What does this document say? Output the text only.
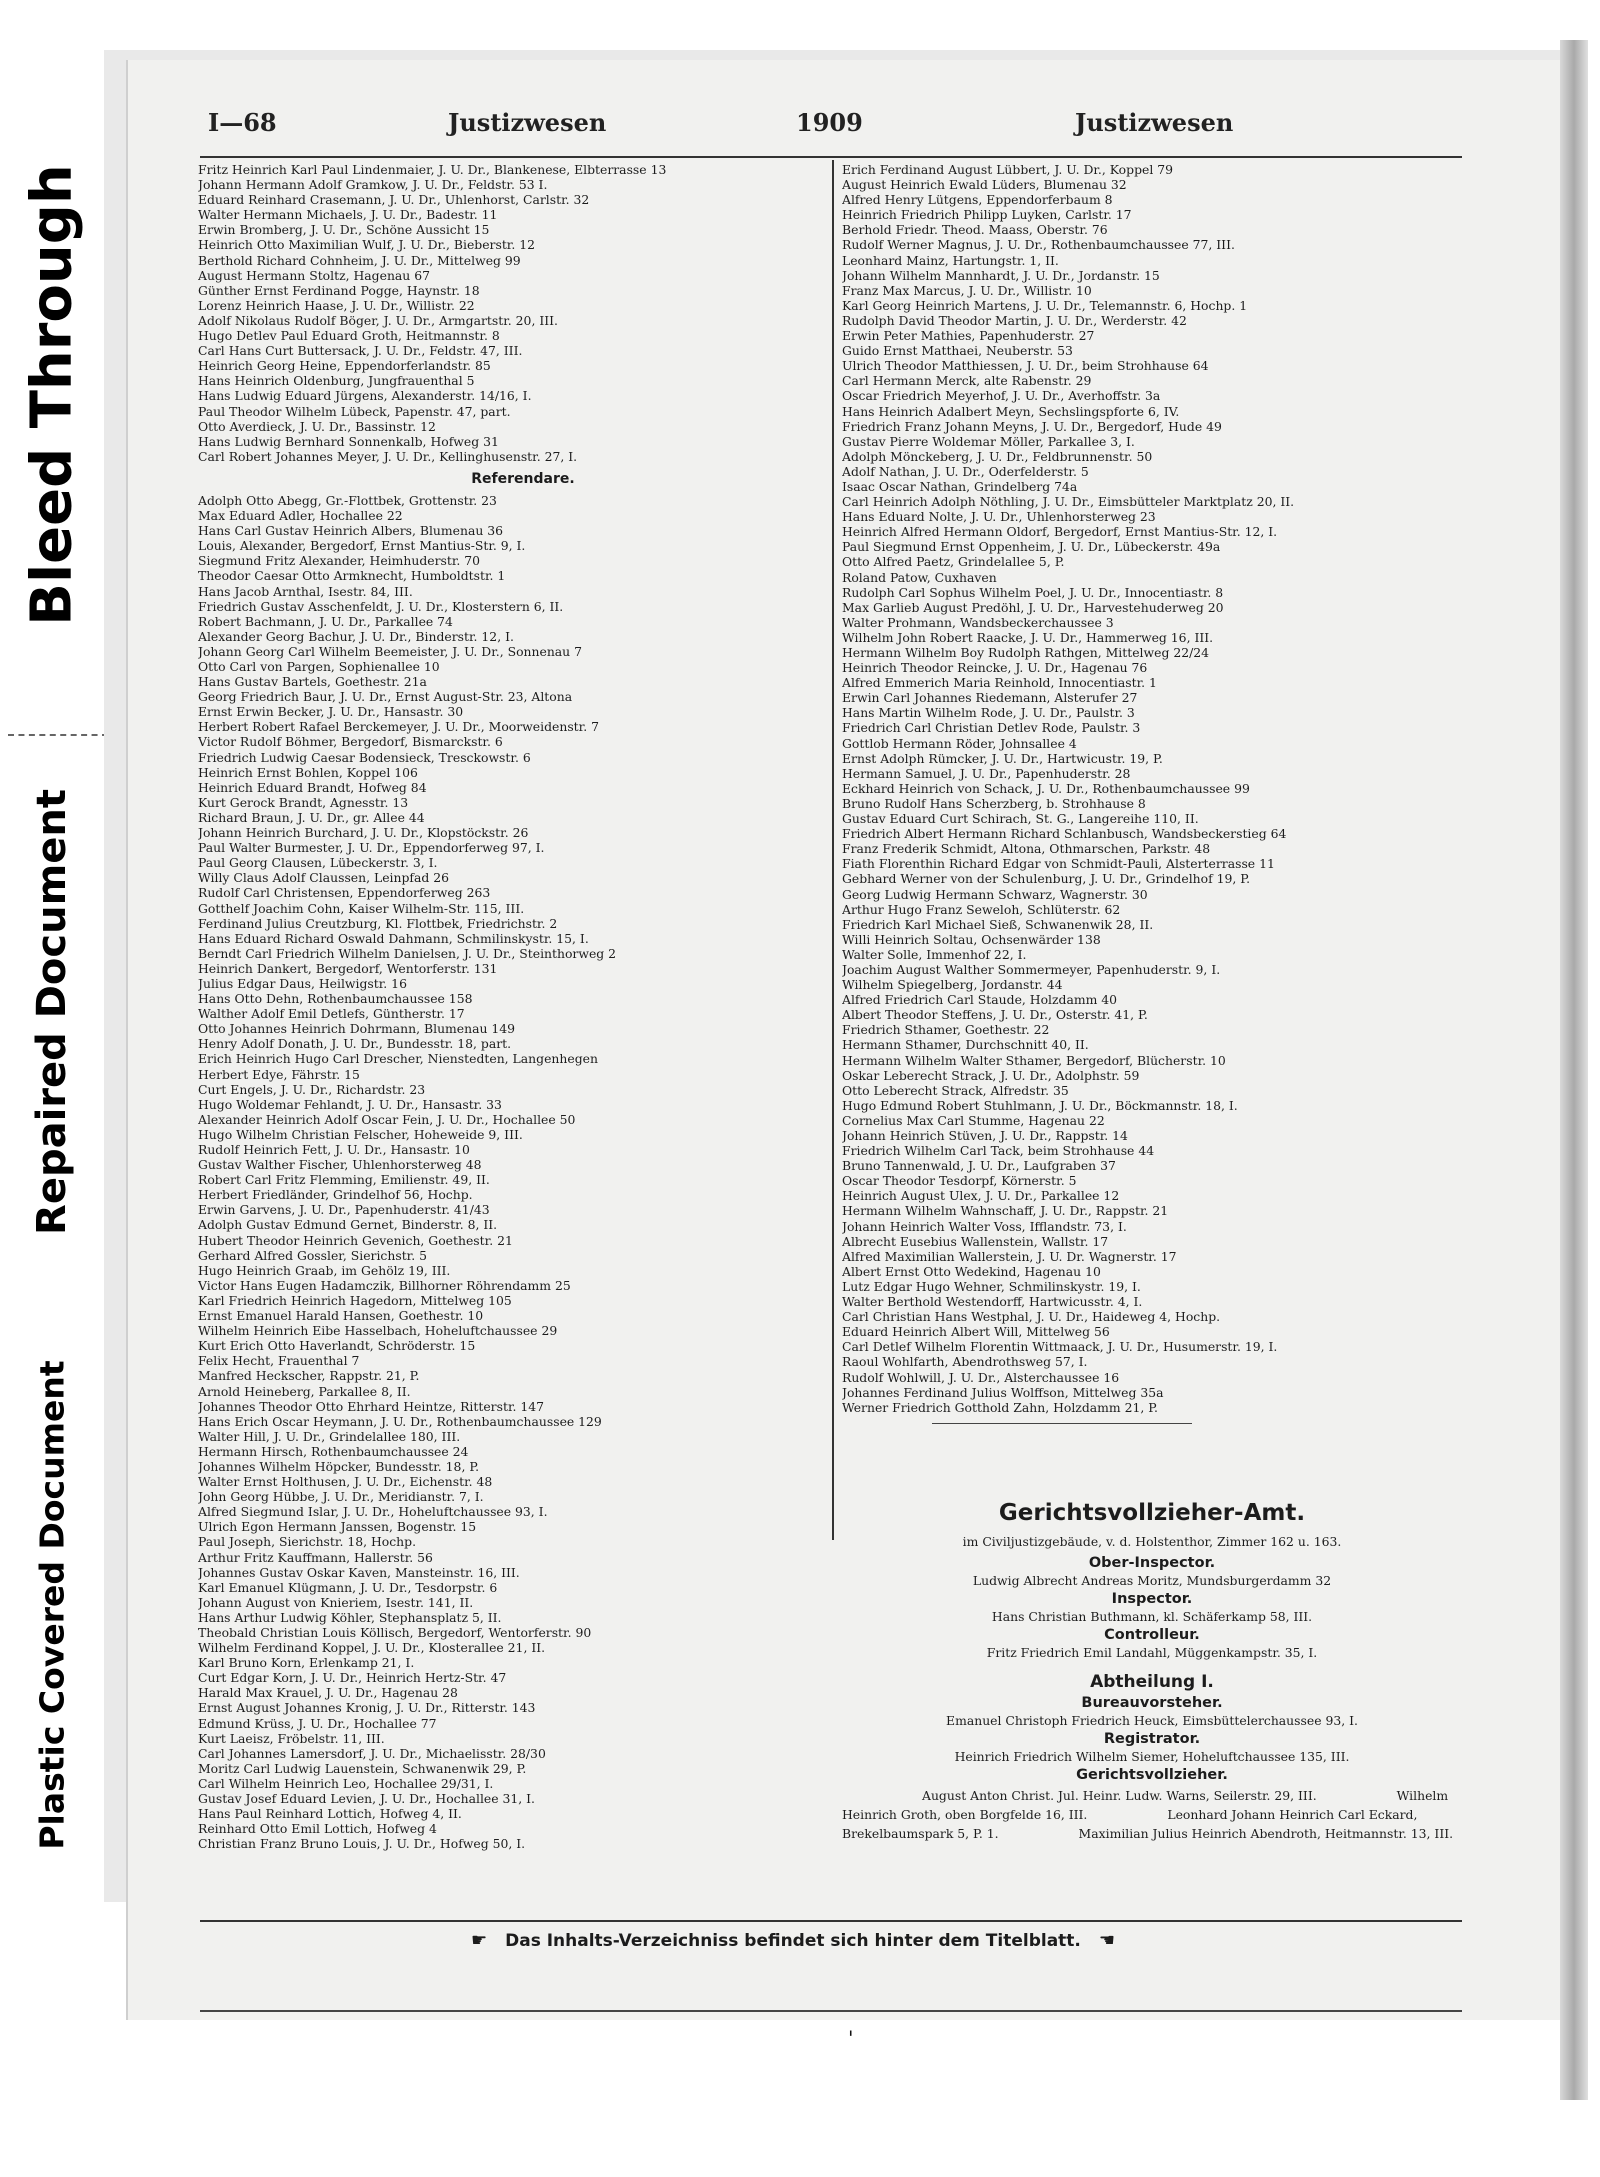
Bleed Through
Repaired Document
Plastic Covered Document
I—68	Justizwesen	1909	Justizwesen
Fritz Heinrich Karl Paul Lindenmaier, J. U. Dr., Blankenese, Elbterrasse 13
Johann Hermann Adolf Gramkow, J. U. Dr., Feldstr. 53 I.
Eduard Reinhard Crasemann, J. U. Dr., Uhlenhorst, Carlstr. 32
Walter Hermann Michaels, J. U. Dr., Badestr. 11
Erwin Bromberg, J. U. Dr., Schöne Aussicht 15
Heinrich Otto Maximilian Wulf, J. U. Dr., Bieberstr. 12
Berthold Richard Cohnheim, J. U. Dr., Mittelweg 99
August Hermann Stoltz, Hagenau 67
Günther Ernst Ferdinand Pogge, Haynstr. 18
Lorenz Heinrich Haase, J. U. Dr., Willistr. 22
Adolf Nikolaus Rudolf Böger, J. U. Dr., Armgartstr. 20, III.
Hugo Detlev Paul Eduard Groth, Heitmannstr. 8
Carl Hans Curt Buttersack, J. U. Dr., Feldstr. 47, III.
Heinrich Georg Heine, Eppendorferlandstr. 85
Hans Heinrich Oldenburg, Jungfrauenthal 5
Hans Ludwig Eduard Jürgens, Alexanderstr. 14/16, I.
Paul Theodor Wilhelm Lübeck, Papenstr. 47, part.
Otto Averdieck, J. U. Dr., Bassinstr. 12
Hans Ludwig Bernhard Sonnenkalb, Hofweg 31
Carl Robert Johannes Meyer, J. U. Dr., Kellinghusenstr. 27, I.
Referendare.
Adolph Otto Abegg, Gr.-Flottbek, Grottenstr. 23
Max Eduard Adler, Hochallee 22
Hans Carl Gustav Heinrich Albers, Blumenau 36
Louis, Alexander, Bergedorf, Ernst Mantius-Str. 9, I.
Siegmund Fritz Alexander, Heimhuderstr. 70
Theodor Caesar Otto Armknecht, Humboldtstr. 1
Hans Jacob Arnthal, Isestr. 84, III.
Friedrich Gustav Asschenfeldt, J. U. Dr., Klosterstern 6, II.
Robert Bachmann, J. U. Dr., Parkallee 74
Alexander Georg Bachur, J. U. Dr., Binderstr. 12, I.
Johann Georg Carl Wilhelm Beemeister, J. U. Dr., Sonnenau 7
Otto Carl von Pargen, Sophienallee 10
Hans Gustav Bartels, Goethestr. 21a
Georg Friedrich Baur, J. U. Dr., Ernst August-Str. 23, Altona
Ernst Erwin Becker, J. U. Dr., Hansastr. 30
Herbert Robert Rafael Berckemeyer, J. U. Dr., Moorweidenstr. 7
Victor Rudolf Böhmer, Bergedorf, Bismarckstr. 6
Friedrich Ludwig Caesar Bodensieck, Tresckowstr. 6
Heinrich Ernst Bohlen, Koppel 106
Heinrich Eduard Brandt, Hofweg 84
Kurt Gerock Brandt, Agnesstr. 13
Richard Braun, J. U. Dr., gr. Allee 44
Johann Heinrich Burchard, J. U. Dr., Klopstöckstr. 26
Paul Walter Burmester, J. U. Dr., Eppendorferweg 97, I.
Paul Georg Clausen, Lübeckerstr. 3, I.
Willy Claus Adolf Claussen, Leinpfad 26
Rudolf Carl Christensen, Eppendorferweg 263
Gotthelf Joachim Cohn, Kaiser Wilhelm-Str. 115, III.
Ferdinand Julius Creutzburg, Kl. Flottbek, Friedrichstr. 2
Hans Eduard Richard Oswald Dahmann, Schmilinskystr. 15, I.
Berndt Carl Friedrich Wilhelm Danielsen, J. U. Dr., Steinthorweg 2
Heinrich Dankert, Bergedorf, Wentorferstr. 131
Julius Edgar Daus, Heilwigstr. 16
Hans Otto Dehn, Rothenbaumchaussee 158
Walther Adolf Emil Detlefs, Güntherstr. 17
Otto Johannes Heinrich Dohrmann, Blumenau 149
Henry Adolf Donath, J. U. Dr., Bundesstr. 18, part.
Erich Heinrich Hugo Carl Drescher, Nienstedten, Langenhegen
Herbert Edye, Fährstr. 15
Curt Engels, J. U. Dr., Richardstr. 23
Hugo Woldemar Fehlandt, J. U. Dr., Hansastr. 33
Alexander Heinrich Adolf Oscar Fein, J. U. Dr., Hochallee 50
Hugo Wilhelm Christian Felscher, Hoheweide 9, III.
Rudolf Heinrich Fett, J. U. Dr., Hansastr. 10
Gustav Walther Fischer, Uhlenhorsterweg 48
Robert Carl Fritz Flemming, Emilienstr. 49, II.
Herbert Friedländer, Grindelhof 56, Hochp.
Erwin Garvens, J. U. Dr., Papenhuderstr. 41/43
Adolph Gustav Edmund Gernet, Binderstr. 8, II.
Hubert Theodor Heinrich Gevenich, Goethestr. 21
Gerhard Alfred Gossler, Sierichstr. 5
Hugo Heinrich Graab, im Gehölz 19, III.
Victor Hans Eugen Hadamczik, Billhorner Röhrendamm 25
Karl Friedrich Heinrich Hagedorn, Mittelweg 105
Ernst Emanuel Harald Hansen, Goethestr. 10
Wilhelm Heinrich Eibe Hasselbach, Hoheluftchaussee 29
Kurt Erich Otto Haverlandt, Schröderstr. 15
Felix Hecht, Frauenthal 7
Manfred Heckscher, Rappstr. 21, P.
Arnold Heineberg, Parkallee 8, II.
Johannes Theodor Otto Ehrhard Heintze, Ritterstr. 147
Hans Erich Oscar Heymann, J. U. Dr., Rothenbaumchaussee 129
Walter Hill, J. U. Dr., Grindelallee 180, III.
Hermann Hirsch, Rothenbaumchaussee 24
Johannes Wilhelm Höpcker, Bundesstr. 18, P.
Walter Ernst Holthusen, J. U. Dr., Eichenstr. 48
John Georg Hübbe, J. U. Dr., Meridianstr. 7, I.
Alfred Siegmund Islar, J. U. Dr., Hoheluftchaussee 93, I.
Ulrich Egon Hermann Janssen, Bogenstr. 15
Paul Joseph, Sierichstr. 18, Hochp.
Arthur Fritz Kauffmann, Hallerstr. 56
Johannes Gustav Oskar Kaven, Mansteinstr. 16, III.
Karl Emanuel Klügmann, J. U. Dr., Tesdorpstr. 6
Johann August von Knieriem, Isestr. 141, II.
Hans Arthur Ludwig Köhler, Stephansplatz 5, II.
Theobald Christian Louis Köllisch, Bergedorf, Wentorferstr. 90
Wilhelm Ferdinand Koppel, J. U. Dr., Klosterallee 21, II.
Karl Bruno Korn, Erlenkamp 21, I.
Curt Edgar Korn, J. U. Dr., Heinrich Hertz-Str. 47
Harald Max Krauel, J. U. Dr., Hagenau 28
Ernst August Johannes Kronig, J. U. Dr., Ritterstr. 143
Edmund Krüss, J. U. Dr., Hochallee 77
Kurt Laeisz, Fröbelstr. 11, III.
Carl Johannes Lamersdorf, J. U. Dr., Michaelisstr. 28/30
Moritz Carl Ludwig Lauenstein, Schwanenwik 29, P.
Carl Wilhelm Heinrich Leo, Hochallee 29/31, I.
Gustav Josef Eduard Levien, J. U. Dr., Hochallee 31, I.
Hans Paul Reinhard Lottich, Hofweg 4, II.
Reinhard Otto Emil Lottich, Hofweg 4
Christian Franz Bruno Louis, J. U. Dr., Hofweg 50, I.
Erich Ferdinand August Lübbert, J. U. Dr., Koppel 79
August Heinrich Ewald Lüders, Blumenau 32
Alfred Henry Lütgens, Eppendorferbaum 8
Heinrich Friedrich Philipp Luyken, Carlstr. 17
Berhold Friedr. Theod. Maass, Oberstr. 76
Rudolf Werner Magnus, J. U. Dr., Rothenbaumchaussee 77, III.
Leonhard Mainz, Hartungstr. 1, II.
Johann Wilhelm Mannhardt, J. U. Dr., Jordanstr. 15
Franz Max Marcus, J. U. Dr., Willistr. 10
Karl Georg Heinrich Martens, J. U. Dr., Telemannstr. 6, Hochp. 1
Rudolph David Theodor Martin, J. U. Dr., Werderstr. 42
Erwin Peter Mathies, Papenhuderstr. 27
Guido Ernst Matthaei, Neuberstr. 53
Ulrich Theodor Matthiessen, J. U. Dr., beim Strohhause 64
Carl Hermann Merck, alte Rabenstr. 29
Oscar Friedrich Meyerhof, J. U. Dr., Averhoffstr. 3a
Hans Heinrich Adalbert Meyn, Sechslingspforte 6, IV.
Friedrich Franz Johann Meyns, J. U. Dr., Bergedorf, Hude 49
Gustav Pierre Woldemar Möller, Parkallee 3, I.
Adolph Mönckeberg, J. U. Dr., Feldbrunnenstr. 50
Adolf Nathan, J. U. Dr., Oderfelderstr. 5
Isaac Oscar Nathan, Grindelberg 74a
Carl Heinrich Adolph Nöthling, J. U. Dr., Eimsbütteler Marktplatz 20, II.
Hans Eduard Nolte, J. U. Dr., Uhlenhorsterweg 23
Heinrich Alfred Hermann Oldorf, Bergedorf, Ernst Mantius-Str. 12, I.
Paul Siegmund Ernst Oppenheim, J. U. Dr., Lübeckerstr. 49a
Otto Alfred Paetz, Grindelallee 5, P.
Roland Patow, Cuxhaven
Rudolph Carl Sophus Wilhelm Poel, J. U. Dr., Innocentiastr. 8
Max Garlieb August Predöhl, J. U. Dr., Harvestehuderweg 20
Walter Prohmann, Wandsbeckerchaussee 3
Wilhelm John Robert Raacke, J. U. Dr., Hammerweg 16, III.
Hermann Wilhelm Boy Rudolph Rathgen, Mittelweg 22/24
Heinrich Theodor Reincke, J. U. Dr., Hagenau 76
Alfred Emmerich Maria Reinhold, Innocentiastr. 1
Erwin Carl Johannes Riedemann, Alsterufer 27
Hans Martin Wilhelm Rode, J. U. Dr., Paulstr. 3
Friedrich Carl Christian Detlev Rode, Paulstr. 3
Gottlob Hermann Röder, Johnsallee 4
Ernst Adolph Rümcker, J. U. Dr., Hartwicustr. 19, P.
Hermann Samuel, J. U. Dr., Papenhuderstr. 28
Eckhard Heinrich von Schack, J. U. Dr., Rothenbaumchaussee 99
Bruno Rudolf Hans Scherzberg, b. Strohhause 8
Gustav Eduard Curt Schirach, St. G., Langereihe 110, II.
Friedrich Albert Hermann Richard Schlanbusch, Wandsbeckerstieg 64
Franz Frederik Schmidt, Altona, Othmarschen, Parkstr. 48
Fiath Florenthin Richard Edgar von Schmidt-Pauli, Alsterterrasse 11
Gebhard Werner von der Schulenburg, J. U. Dr., Grindelhof 19, P.
Georg Ludwig Hermann Schwarz, Wagnerstr. 30
Arthur Hugo Franz Seweloh, Schlüterstr. 62
Friedrich Karl Michael Sieß, Schwanenwik 28, II.
Willi Heinrich Soltau, Ochsenwärder 138
Walter Solle, Immenhof 22, I.
Joachim August Walther Sommermeyer, Papenhuderstr. 9, I.
Wilhelm Spiegelberg, Jordanstr. 44
Alfred Friedrich Carl Staude, Holzdamm 40
Albert Theodor Steffens, J. U. Dr., Osterstr. 41, P.
Friedrich Sthamer, Goethestr. 22
Hermann Sthamer, Durchschnitt 40, II.
Hermann Wilhelm Walter Sthamer, Bergedorf, Blücherstr. 10
Oskar Leberecht Strack, J. U. Dr., Adolphstr. 59
Otto Leberecht Strack, Alfredstr. 35
Hugo Edmund Robert Stuhlmann, J. U. Dr., Böckmannstr. 18, I.
Cornelius Max Carl Stumme, Hagenau 22
Johann Heinrich Stüven, J. U. Dr., Rappstr. 14
Friedrich Wilhelm Carl Tack, beim Strohhause 44
Bruno Tannenwald, J. U. Dr., Laufgraben 37
Oscar Theodor Tesdorpf, Körnerstr. 5
Heinrich August Ulex, J. U. Dr., Parkallee 12
Hermann Wilhelm Wahnschaff, J. U. Dr., Rappstr. 21
Johann Heinrich Walter Voss, Ifflandstr. 73, I.
Albrecht Eusebius Wallenstein, Wallstr. 17
Alfred Maximilian Wallerstein, J. U. Dr. Wagnerstr. 17
Albert Ernst Otto Wedekind, Hagenau 10
Lutz Edgar Hugo Wehner, Schmilinskystr. 19, I.
Walter Berthold Westendorff, Hartwicusstr. 4, I.
Carl Christian Hans Westphal, J. U. Dr., Haideweg 4, Hochp.
Eduard Heinrich Albert Will, Mittelweg 56
Carl Detlef Wilhelm Florentin Wittmaack, J. U. Dr., Husumerstr. 19, I.
Raoul Wohlfarth, Abendrothsweg 57, I.
Rudolf Wohlwill, J. U. Dr., Alsterchaussee 16
Johannes Ferdinand Julius Wolffson, Mittelweg 35a
Werner Friedrich Gotthold Zahn, Holzdamm 21, P.
Gerichtsvollzieher-Amt.
im Civiljustizgebäude, v. d. Holstenthor, Zimmer 162 u. 163.
Ober-Inspector.
Ludwig Albrecht Andreas Moritz, Mundsburgerdamm 32
Inspector.
Hans Christian Buthmann, kl. Schäferkamp 58, III.
Controlleur.
Fritz Friedrich Emil Landahl, Müggenkampstr. 35, I.
Abtheilung I.
Bureauvorsteher.
Emanuel Christoph Friedrich Heuck, Eimsbüttelerchaussee 93, I.
Registrator.
Heinrich Friedrich Wilhelm Siemer, Hoheluftchaussee 135, III.
Gerichtsvollzieher.
August Anton Christ. Jul. Heinr. Ludw. Warns, Seilerstr. 29, III.	Wilhelm Heinrich Groth, oben Borgfelde 16, III.	Leonhard Johann Heinrich Carl Eckard, Brekelbaumspark 5, P. 1.	Maximilian Julius Heinrich Abendroth, Heitmannstr. 13, III.
☛ Das Inhalts-Verzeichniss befindet sich hinter dem Titelblatt. ☚
'
